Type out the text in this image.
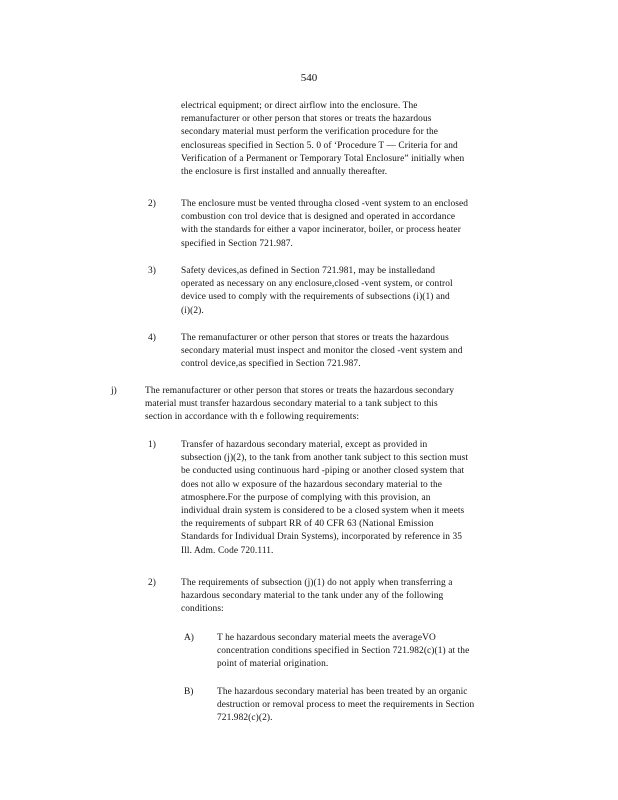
540
electrical equipment; or direct airflow into the enclosure. The
remanufacturer or other person that stores or treats the hazardous
secondary material must perform the verification procedure for the
enclosureas specified in Section 5. 0 of ‘Procedure T — Criteria for and
Verification of a Permanent or Temporary Total Enclosure” initially when
the enclosure is first installed and annually thereafter.
2)	The enclosure must be vented througha closed -vent system to an enclosed
combustion con trol device that is designed and operated in accordance
with the standards for either a vapor incinerator, boiler, or process heater
specified in Section 721.987.
3)	Safety devices,as defined in Section 721.981, may be installedand
operated as necessary on any enclosure,closed -vent system, or control
device used to comply with the requirements of subsections (i)(1) and
(i)(2).
4)	The remanufacturer or other person that stores or treats the hazardous
secondary material must inspect and monitor the closed -vent system and
control device,as specified in Section 721.987.
j)	The remanufacturer or other person that stores or treats the hazardous secondary
material must transfer hazardous secondary material to a tank subject to this
section in accordance with th e following requirements:
1)	Transfer of hazardous secondary material, except as provided in
subsection (j)(2), to the tank from another tank subject to this section must
be conducted using continuous hard -piping or another closed system that
does not allo w exposure of the hazardous secondary material to the
atmosphere.For the purpose of complying with this provision, an
individual drain system is considered to be a closed system when it meets
the requirements of subpart RR of 40 CFR 63 (National Emission
Standards for Individual Drain Systems), incorporated by reference in 35
Ill. Adm. Code 720.111.
2)	The requirements of subsection (j)(1) do not apply when transferring a
hazardous secondary material to the tank under any of the following
conditions:
A) T he hazardous secondary material meets the averageVO
concentration conditions specified in Section 721.982(c)(1) at the
point of material origination.
B)	The hazardous secondary material has been treated by an organic
destruction or removal process to meet the requirements in Section
721.982(c)(2).
